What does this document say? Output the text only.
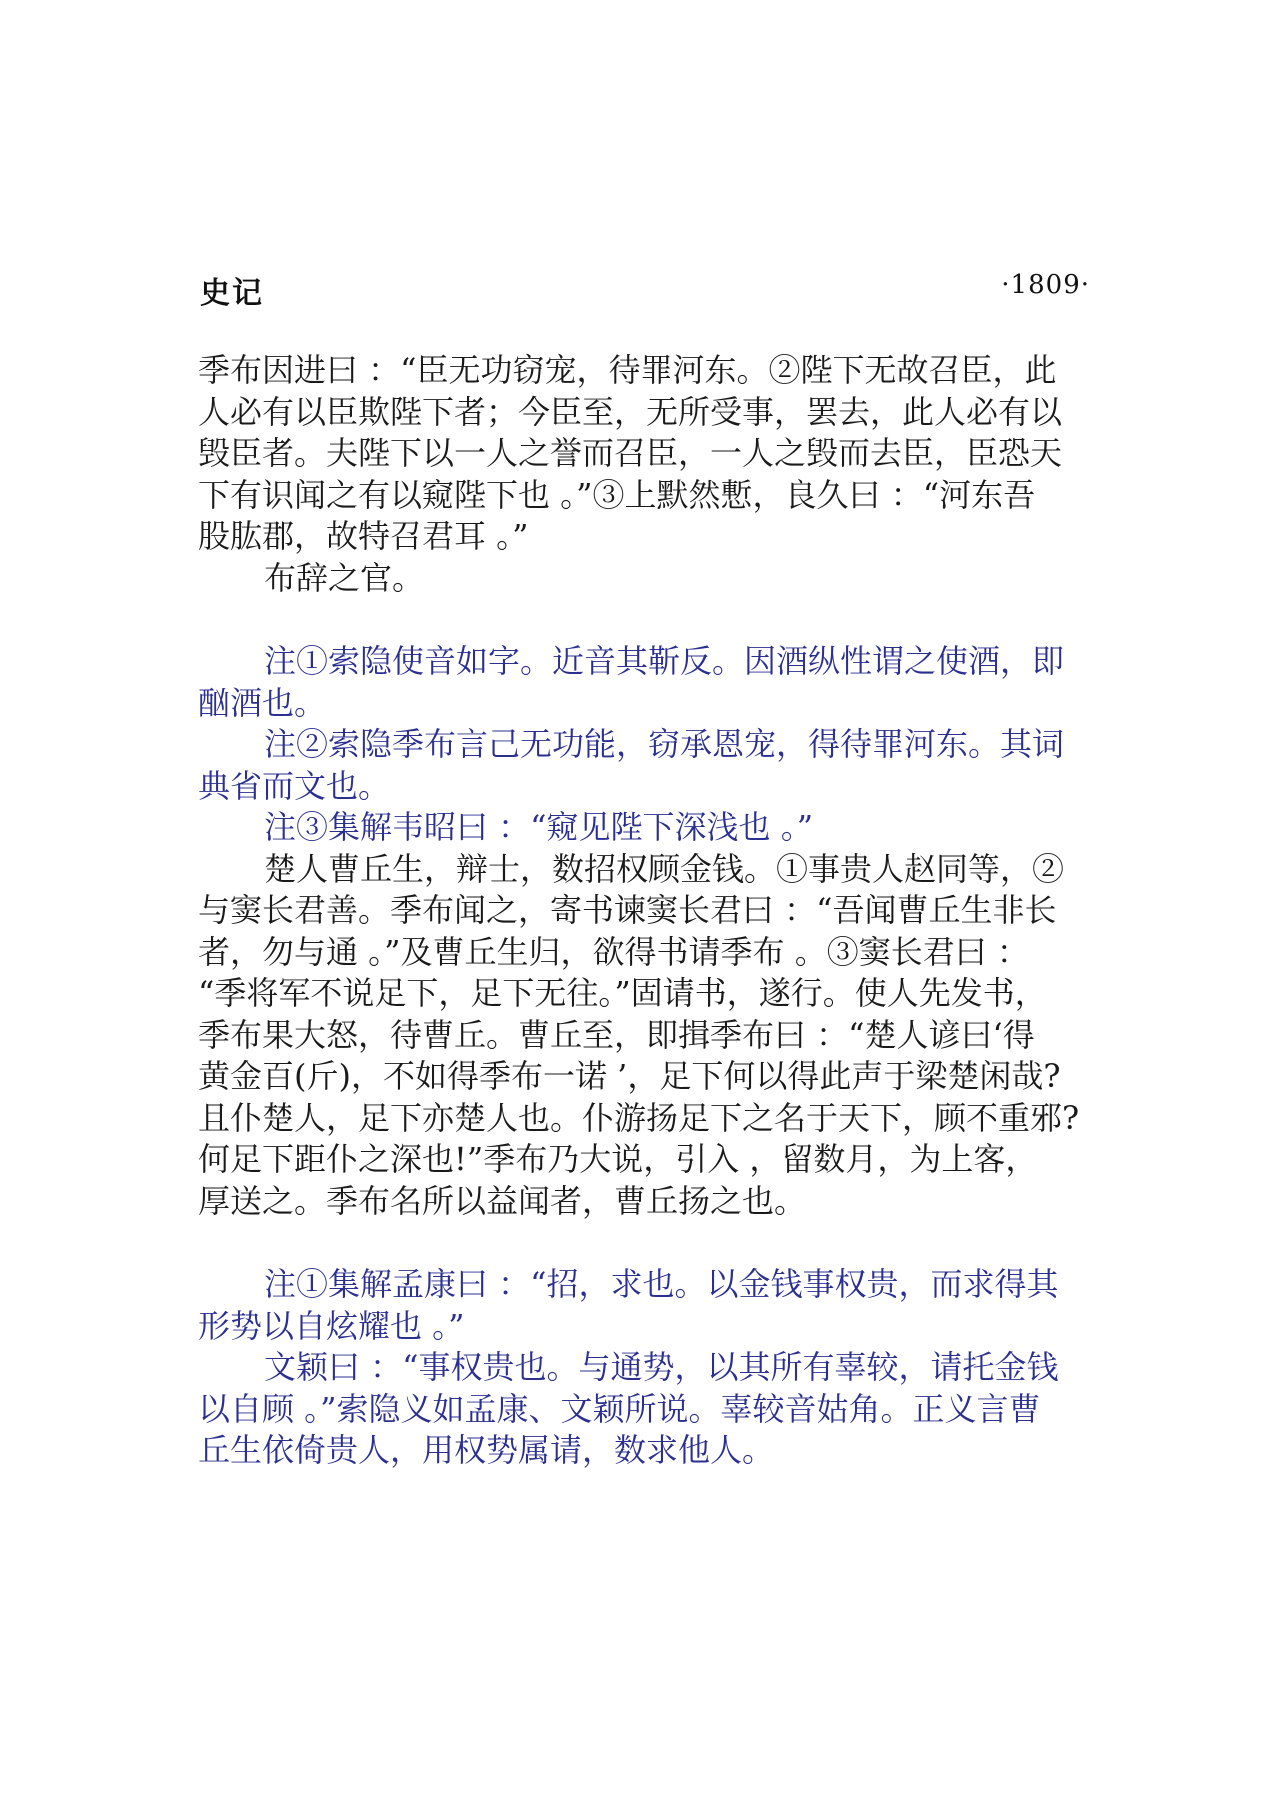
史记	·1809·
季布因进曰 ：“臣无功窃宠，待罪河东。②陛下无故召臣，此
人必有以臣欺陛下者；今臣至，无所受事，罢去，此人必有以
毁臣者。夫陛下以一人之誉而召臣，一人之毁而去臣，臣恐天
下有识闻之有以窥陛下也 。”③上默然慙，良久曰 ：“河东吾
股肱郡，故特召君耳 。”
布辞之官。
注①索隐使音如字。近音其靳反。因酒纵性谓之使酒，即
酗酒也。
注②索隐季布言己无功能，窃承恩宠，得待罪河东。其词
典省而文也。
注③集解韦昭曰 ：“窥见陛下深浅也 。”
楚人曹丘生，辩士，数招权顾金钱。①事贵人赵同等，②
与窦长君善。季布闻之，寄书谏窦长君曰 ：“吾闻曹丘生非长
者，勿与通 。”及曹丘生归，欲得书请季布 。③窦长君曰 ：
“季将军不说足下，足下无往。”固请书，遂行。使人先发书，
季布果大怒，待曹丘。曹丘至，即揖季布曰 ：“楚人谚曰‘得
黄金百(斤)，不如得季布一诺 ’，足下何以得此声于梁楚闲哉?
且仆楚人，足下亦楚人也。仆游扬足下之名于天下，顾不重邪?
何足下距仆之深也!”季布乃大说，引入 ，留数月，为上客，
厚送之。季布名所以益闻者，曹丘扬之也。
注①集解孟康曰 ：“招，求也。以金钱事权贵，而求得其
形势以自炫耀也 。”
文颖曰 ：“事权贵也。与通势，以其所有辜较，请托金钱
以自顾 。”索隐义如孟康、文颖所说。辜较音姑角。正义言曹
丘生依倚贵人，用权势属请，数求他人。
